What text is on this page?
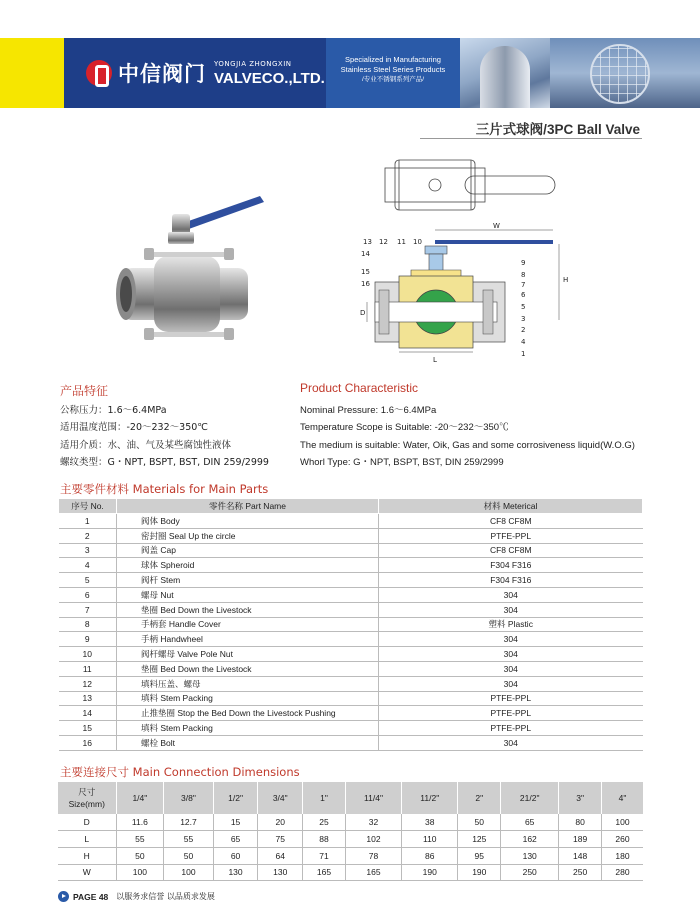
中信阀门 YONGJIA ZHONGXIN
VALVECO.,LTD.
Specialized in Manufacturing
Stainless Steel Series Products
/专业不锈钢系列产品/
三片式球阀/3PC Ball Valve
W
H
L
D
13 12 11 10
14
15
16
9
8
7
6
5
3
2
4
1
产品特征	Product Characteristic
公称压力：1.6～6.4MPa
适用温度范围：-20～232～350℃
适用介质：水、油、气及某些腐蚀性液体
螺纹类型：G・NPT, BSPT, BST, DIN 259/2999
Nominal Pressure: 1.6～6.4MPa
Temperature Scope is Suitable: -20～232～350℃
The medium is suitable: Water, Oik, Gas and some corrosiveness liquid(W.O.G)
Whorl Type: G・NPT, BSPT, BST, DIN 259/2999
主要零件材料 Materials for Main Parts
序号 No.	零件名称 Part Name	材料 Meterical
1	阀体 Body	CF8 CF8M
2	密封圈 Seal Up the circle	PTFE-PPL
3	阀盖 Cap	CF8 CF8M
4	球体 Spheroid	F304 F316
5	阀杆 Stem	F304 F316
6	螺母 Nut	304
7	垫圈 Bed Down the Livestock	304
8	手柄套 Handle Cover	塑料 Plastic
9	手柄 Handwheel	304
10	阀杆螺母 Valve Pole Nut	304
11	垫圈 Bed Down the Livestock	304
12	填料压盖、螺母	304
13	填料 Stem Packing	PTFE-PPL
14	止推垫圈 Stop the Bed Down the Livestock Pushing	PTFE-PPL
15	填料 Stem Packing	PTFE-PPL
16	螺栓 Bolt	304
主要连接尺寸 Main Connection Dimensions
尺寸
Size(mm)	1/4"	3/8"	1/2"	3/4"	1"	11/4"	11/2"	2"	21/2"	3"	4"
D	11.6	12.7	15	20	25	32	38	50	65	80	100
L	55	55	65	75	88	102	110	125	162	189	260
H	50	50	60	64	71	78	86	95	130	148	180
W	100	100	130	130	165	165	190	190	250	250	280
PAGE 48 以服务求信誉 以品质求发展
